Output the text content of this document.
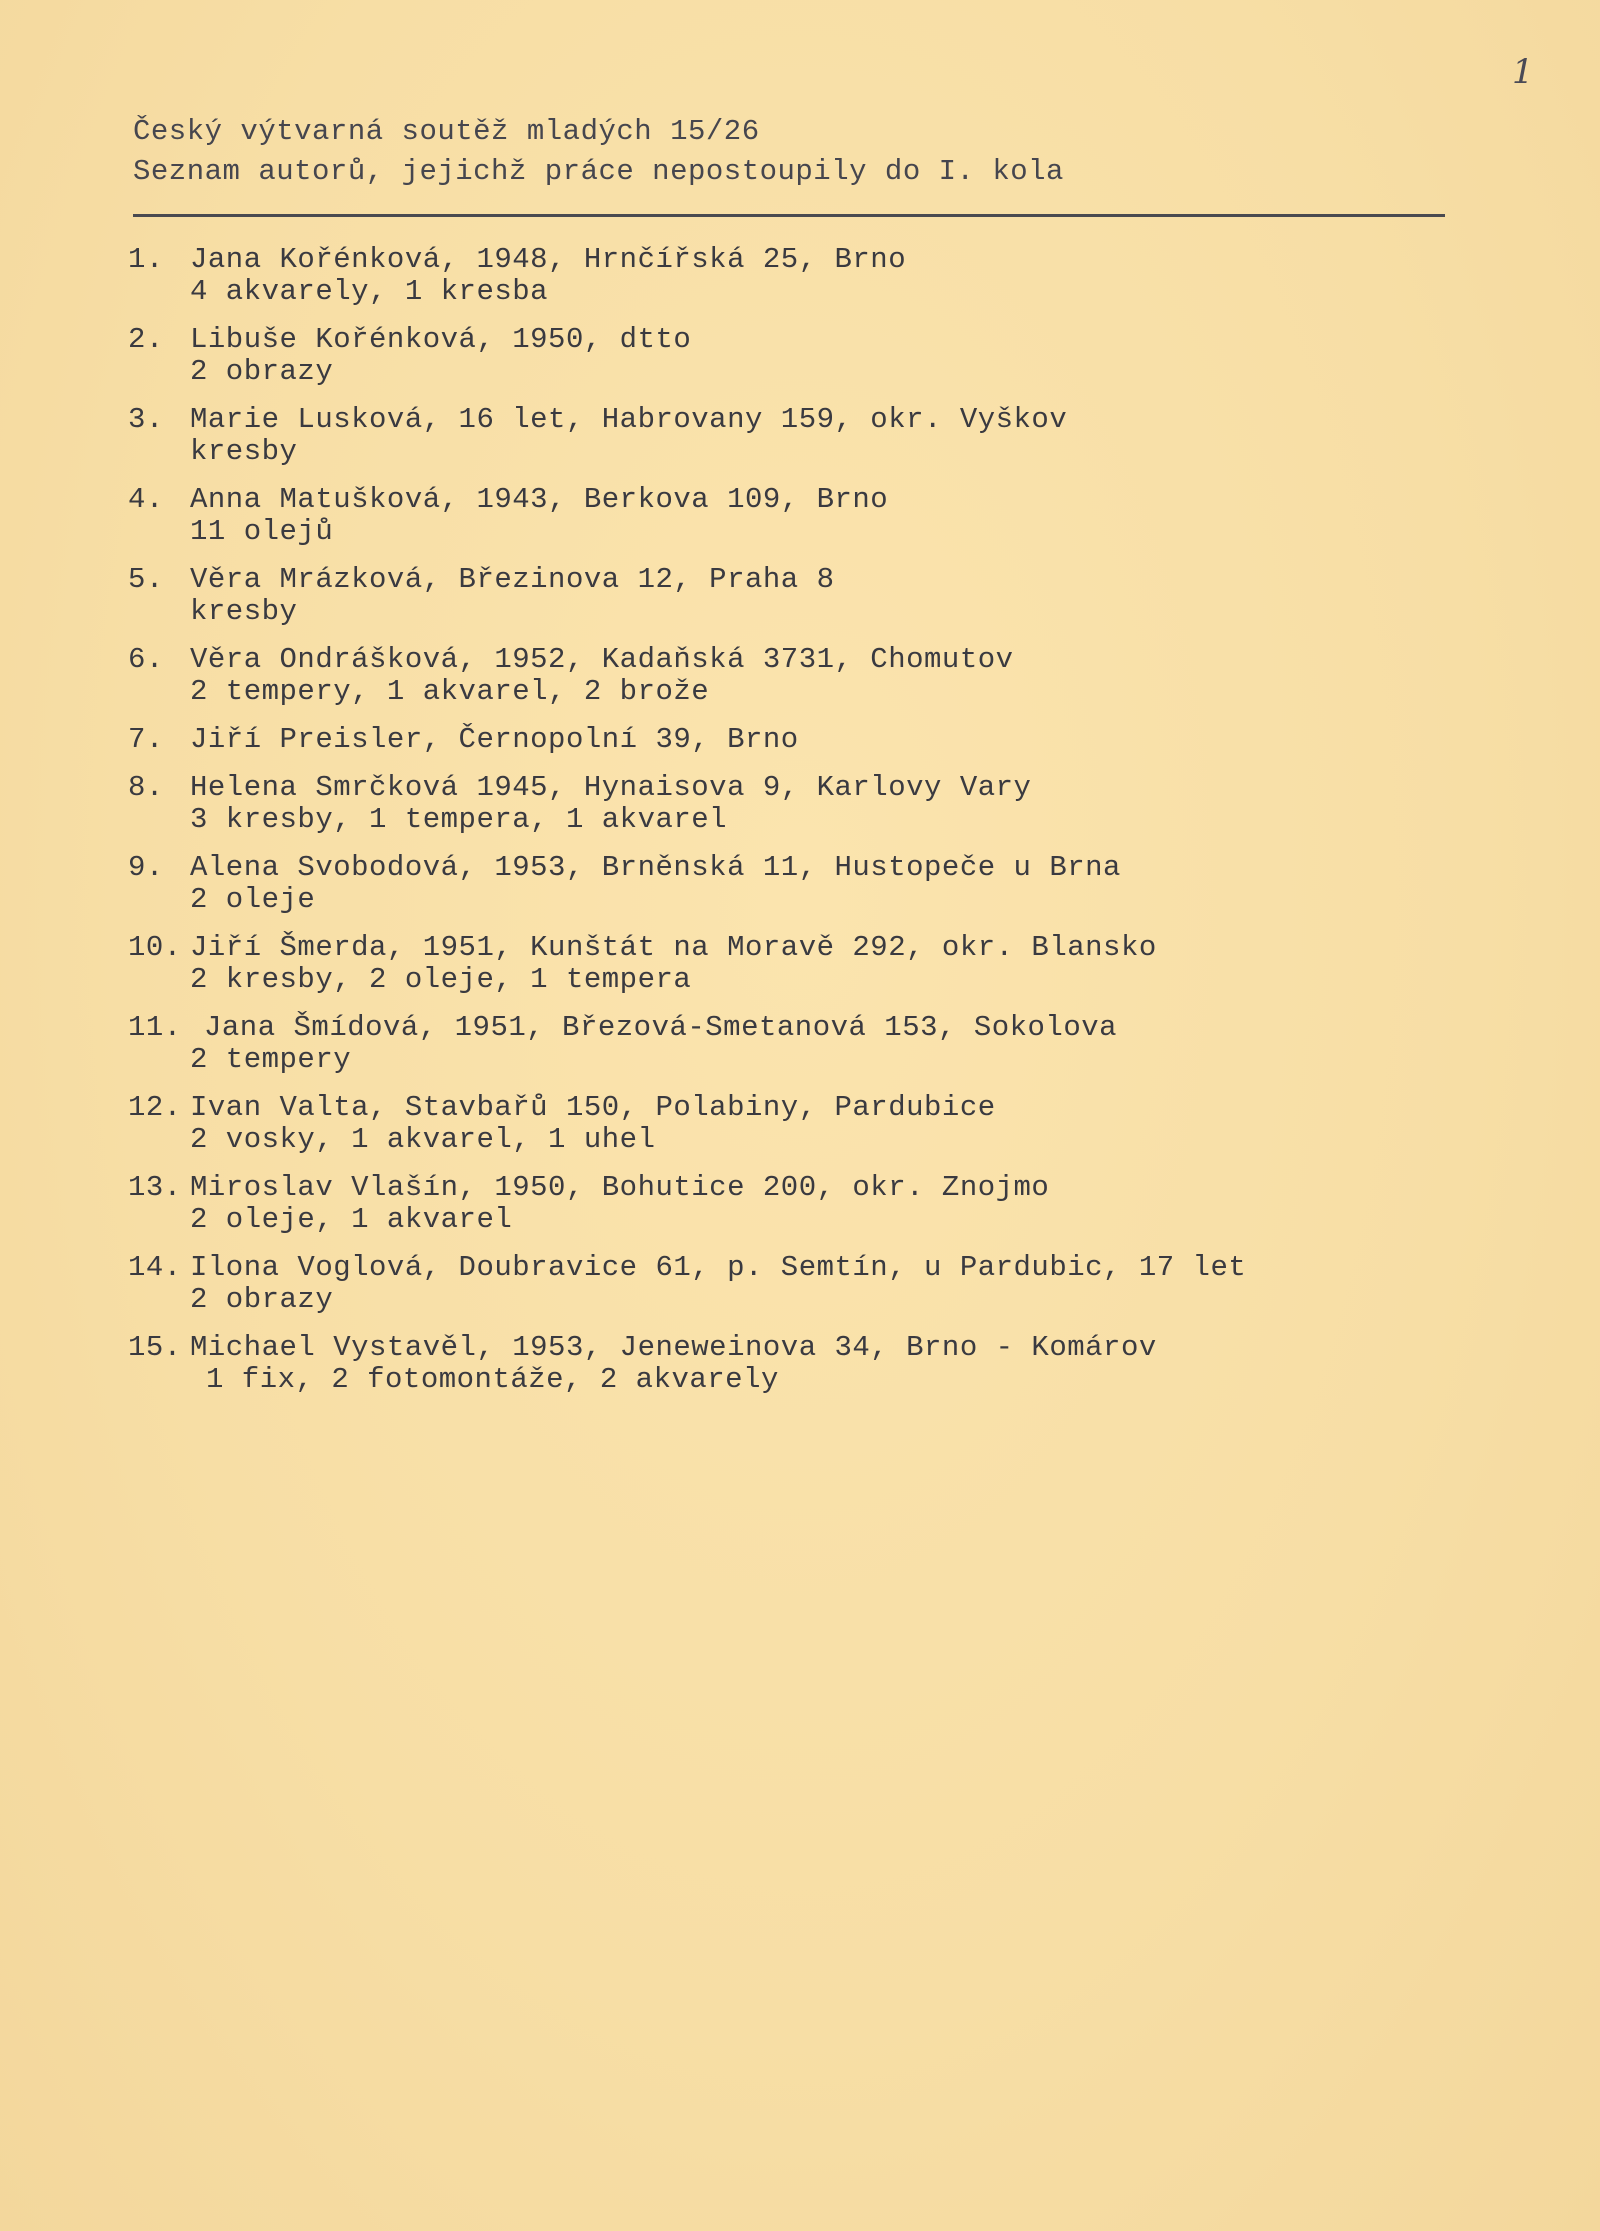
1
Český výtvarná soutěž mladých 15/26
Seznam autorů, jejichž práce nepostoupily do I. kola
1. Jana Kořénková, 1948, Hrnčířská 25, Brno
4 akvarely, 1 kresba
2. Libuše Kořénková, 1950, dtto
2 obrazy
3. Marie Lusková, 16 let, Habrovany 159, okr. Vyškov
kresby
4. Anna Matušková, 1943, Berkova 109, Brno
11 olejů
5. Věra Mrázková, Březinova 12, Praha 8
kresby
6. Věra Ondrášková, 1952, Kadaňská 3731, Chomutov
2 tempery, 1 akvarel, 2 brože
7. Jiří Preisler, Černopolní 39, Brno
8. Helena Smrčková 1945, Hynaisova 9, Karlovy Vary
3 kresby, 1 tempera, 1 akvarel
9. Alena Svobodová, 1953, Brněnská 11, Hustopeče u Brna
2 oleje
10. Jiří Šmerda, 1951, Kunštát na Moravě 292, okr. Blansko
2 kresby, 2 oleje, 1 tempera
11. Jana Šmídová, 1951, Březová-Smetanová 153, Sokolova
2 tempery
12. Ivan Valta, Stavbařů 150, Polabiny, Pardubice
2 vosky, 1 akvarel, 1 uhel
13. Miroslav Vlašín, 1950, Bohutice 200, okr. Znojmo
2 oleje, 1 akvarel
14. Ilona Voglová, Doubravice 61, p. Semtín, u Pardubic, 17 let
2 obrazy
15. Michael Vystavěl, 1953, Jeneweinova 34, Brno - Komárov
1 fix, 2 fotomontáže, 2 akvarely
